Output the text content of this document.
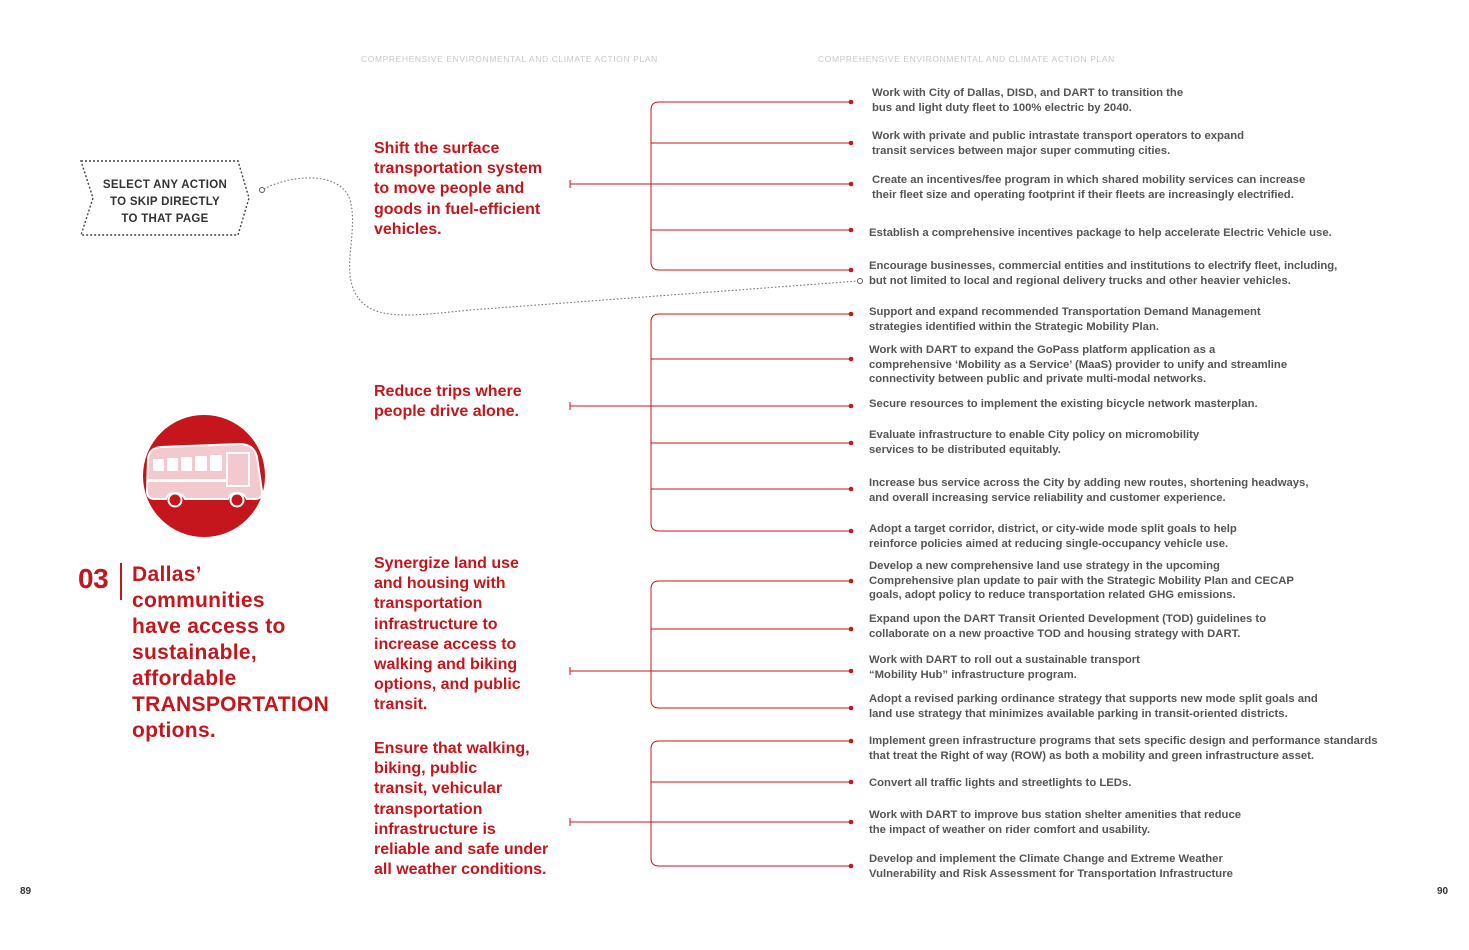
COMPREHENSIVE ENVIRONMENTAL AND CLIMATE ACTION PLAN	COMPREHENSIVE ENVIRONMENTAL AND CLIMATE ACTION PLAN
SELECT ANY ACTION
TO SKIP DIRECTLY
TO THAT PAGE
03 Dallas’
communities
have access to
sustainable,
affordable
TRANSPORTATION
options.
Shift the surface
transportation system
to move people and
goods in fuel-efficient
vehicles.
Reduce trips where
people drive alone.
Synergize land use
and housing with
transportation
infrastructure to
increase access to
walking and biking
options, and public
transit.
Ensure that walking,
biking, public
transit, vehicular
transportation
infrastructure is
reliable and safe under
all weather conditions.
Work with City of Dallas, DISD, and DART to transition the
bus and light duty fleet to 100% electric by 2040.
Work with private and public intrastate transport operators to expand
transit services between major super commuting cities.
Create an incentives/fee program in which shared mobility services can increase
their fleet size and operating footprint if their fleets are increasingly electrified.
Establish a comprehensive incentives package to help accelerate Electric Vehicle use.
Encourage businesses, commercial entities and institutions to electrify fleet, including,
but not limited to local and regional delivery trucks and other heavier vehicles.
Support and expand recommended Transportation Demand Management
strategies identified within the Strategic Mobility Plan.
Work with DART to expand the GoPass platform application as a
comprehensive ‘Mobility as a Service’ (MaaS) provider to unify and streamline
connectivity between public and private multi-modal networks.
Secure resources to implement the existing bicycle network masterplan.
Evaluate infrastructure to enable City policy on micromobility
services to be distributed equitably.
Increase bus service across the City by adding new routes, shortening headways,
and overall increasing service reliability and customer experience.
Adopt a target corridor, district, or city-wide mode split goals to help
reinforce policies aimed at reducing single-occupancy vehicle use.
Develop a new comprehensive land use strategy in the upcoming
Comprehensive plan update to pair with the Strategic Mobility Plan and CECAP
goals, adopt policy to reduce transportation related GHG emissions.
Expand upon the DART Transit Oriented Development (TOD) guidelines to
collaborate on a new proactive TOD and housing strategy with DART.
Work with DART to roll out a sustainable transport
“Mobility Hub” infrastructure program.
Adopt a revised parking ordinance strategy that supports new mode split goals and
land use strategy that minimizes available parking in transit-oriented districts.
Implement green infrastructure programs that sets specific design and performance standards
that treat the Right of way (ROW) as both a mobility and green infrastructure asset.
Convert all traffic lights and streetlights to LEDs.
Work with DART to improve bus station shelter amenities that reduce
the impact of weather on rider comfort and usability.
Develop and implement the Climate Change and Extreme Weather
Vulnerability and Risk Assessment for Transportation Infrastructure
89	90
